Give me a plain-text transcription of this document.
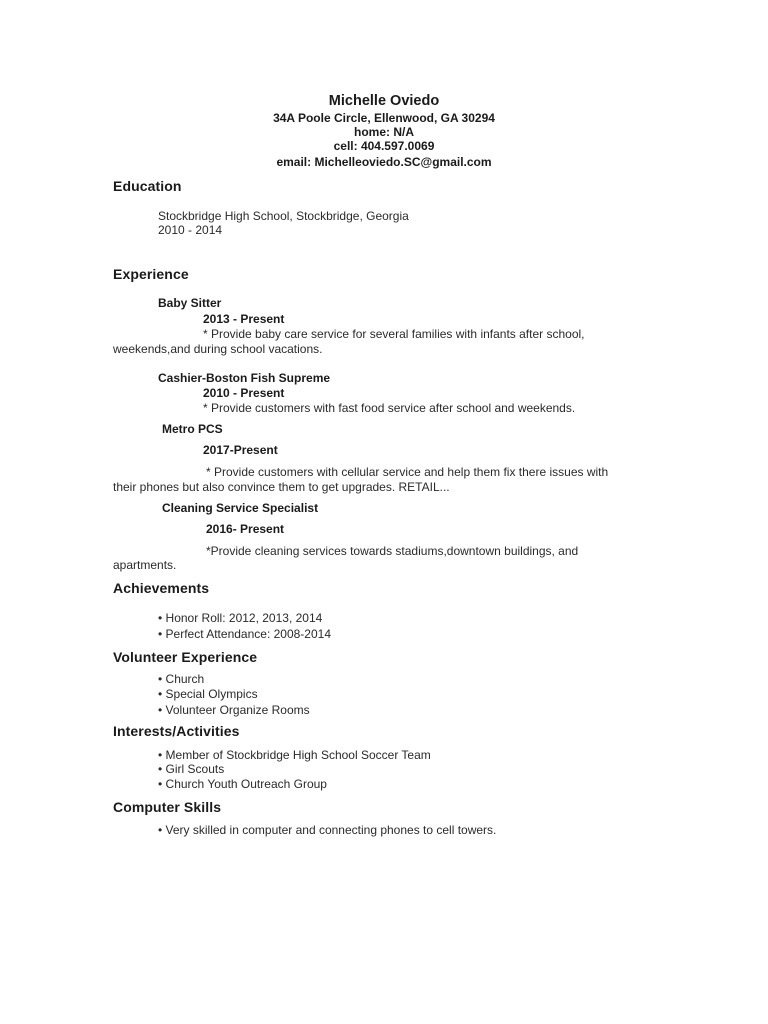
Michelle Oviedo
34A Poole Circle, Ellenwood, GA 30294
home: N/A
cell: 404.597.0069
email: Michelleoviedo.SC@gmail.com
Education
Stockbridge High School, Stockbridge, Georgia
2010 - 2014
Experience
Baby Sitter
2013 - Present
* Provide baby care service for several families with infants after school,
weekends,and during school vacations.
Cashier-Boston Fish Supreme
2010 - Present
* Provide customers with fast food service after school and weekends.
Metro PCS
2017-Present
* Provide customers with cellular service and help them fix there issues with
their phones but also convince them to get upgrades. RETAIL...
Cleaning Service Specialist
2016- Present
*Provide cleaning services towards stadiums,downtown buildings, and
apartments.
Achievements
• Honor Roll: 2012, 2013, 2014
• Perfect Attendance: 2008-2014
Volunteer Experience
• Church
• Special Olympics
• Volunteer Organize Rooms
Interests/Activities
• Member of Stockbridge High School Soccer Team
• Girl Scouts
• Church Youth Outreach Group
Computer Skills
• Very skilled in computer and connecting phones to cell towers.
